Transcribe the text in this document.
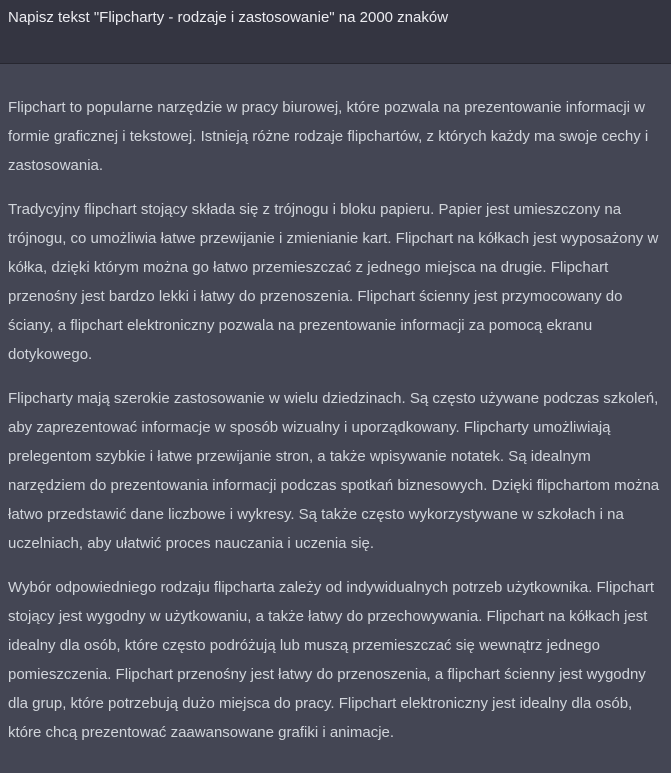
Napisz tekst "Flipcharty - rodzaje i zastosowanie" na 2000 znaków

Flipchart to popularne narzędzie w pracy biurowej, które pozwala na prezentowanie informacji w formie graficznej i tekstowej. Istnieją różne rodzaje flipchartów, z których każdy ma swoje cechy i zastosowania.

Tradycyjny flipchart stojący składa się z trójnogu i bloku papieru. Papier jest umieszczony na trójnogu, co umożliwia łatwe przewijanie i zmienianie kart. Flipchart na kółkach jest wyposażony w kółka, dzięki którym można go łatwo przemieszczać z jednego miejsca na drugie. Flipchart przenośny jest bardzo lekki i łatwy do przenoszenia. Flipchart ścienny jest przymocowany do ściany, a flipchart elektroniczny pozwala na prezentowanie informacji za pomocą ekranu dotykowego.

Flipcharty mają szerokie zastosowanie w wielu dziedzinach. Są często używane podczas szkoleń, aby zaprezentować informacje w sposób wizualny i uporządkowany. Flipcharty umożliwiają prelegentom szybkie i łatwe przewijanie stron, a także wpisywanie notatek. Są idealnym narzędziem do prezentowania informacji podczas spotkań biznesowych. Dzięki flipchartom można łatwo przedstawić dane liczbowe i wykresy. Są także często wykorzystywane w szkołach i na uczelniach, aby ułatwić proces nauczania i uczenia się.

Wybór odpowiedniego rodzaju flipcharta zależy od indywidualnych potrzeb użytkownika. Flipchart stojący jest wygodny w użytkowaniu, a także łatwy do przechowywania. Flipchart na kółkach jest idealny dla osób, które często podróżują lub muszą przemieszczać się wewnątrz jednego pomieszczenia. Flipchart przenośny jest łatwy do przenoszenia, a flipchart ścienny jest wygodny dla grup, które potrzebują dużo miejsca do pracy. Flipchart elektroniczny jest idealny dla osób, które chcą prezentować zaawansowane grafiki i animacje.
